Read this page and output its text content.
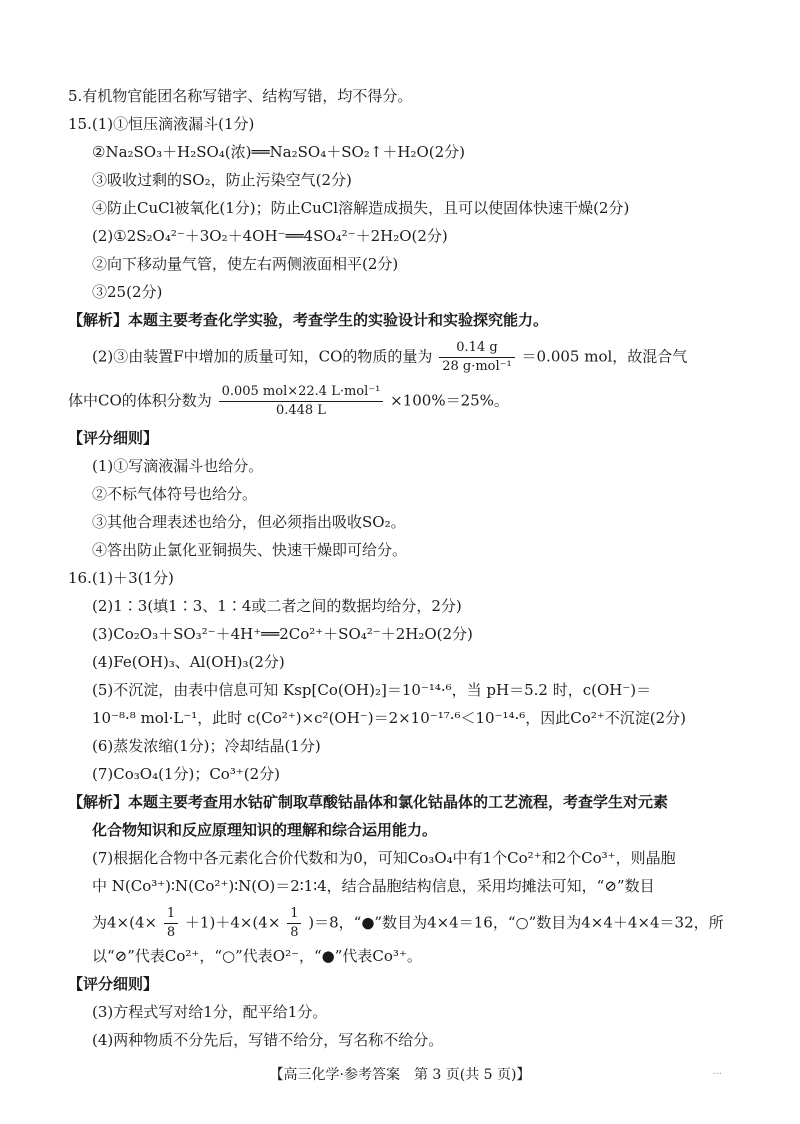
5.有机物官能团名称写错字、结构写错，均不得分。
15.(1)①恒压滴液漏斗(1分)
②Na₂SO₃＋H₂SO₄(浓)══Na₂SO₄＋SO₂↑＋H₂O(2分)
③吸收过剩的SO₂，防止污染空气(2分)
④防止CuCl被氧化(1分)；防止CuCl溶解造成损失，且可以使固体快速干燥(2分)
(2)①2S₂O₄²⁻＋3O₂＋4OH⁻══4SO₄²⁻＋2H₂O(2分)
②向下移动量气管，使左右两侧液面相平(2分)
③25(2分)
【解析】本题主要考查化学实验，考查学生的实验设计和实验探究能力。
(2)③由装置F中增加的质量可知，CO的物质的量为 $\frac{0.14 g}{\text{28 g·mol⁻¹}} =0.005$ mol，故混合气
体中CO的体积分数为 $\frac{\text{0.005 mol×22.4 L·mol⁻¹}}{0.448 L} \times 100\%=25\%$。
【评分细则】
(1)①写滴液漏斗也给分。
②不标气体符号也给分。
③其他合理表述也给分，但必须指出吸收SO₂。
④答出防止氯化亚铜损失、快速干燥即可给分。
16.(1)＋3(1分)
(2)1∶3(填1∶3、1∶4或二者之间的数据均给分，2分)
(3)Co₂O₃＋SO₃²⁻＋4H⁺══2Co²⁺＋SO₄²⁻＋2H₂O(2分)
(4)Fe(OH)₃、Al(OH)₃(2分)
(5)不沉淀，由表中信息可知 Ksp[Co(OH)₂]＝10⁻¹⁴·⁶，当 pH＝5.2 时，c(OH⁻)＝
10⁻⁸·⁸ mol·L⁻¹，此时 c(Co²⁺)×c²(OH⁻)＝2×10⁻¹⁷·⁶＜10⁻¹⁴·⁶，因此Co²⁺不沉淀(2分)
(6)蒸发浓缩(1分)；冷却结晶(1分)
(7)Co₃O₄(1分)；Co³⁺(2分)
【解析】本题主要考查用水钴矿制取草酸钴晶体和氯化钴晶体的工艺流程，考查学生对元素
化合物知识和反应原理知识的理解和综合运用能力。
(7)根据化合物中各元素化合价代数和为0，可知Co₃O₄中有1个Co²⁺和2个Co³⁺，则晶胞
中 N(Co³⁺)∶N(Co²⁺)∶N(O)＝2∶1∶4，结合晶胞结构信息，采用均摊法可知，“⊘”数目
为$4\times(4\times \frac{1}{8} +1)+4\times(4\times \frac{1}{8} )=8$，“●”数目为4×4＝16，“○”数目为4×4＋4×4＝32，所
以“⊘”代表Co²⁺，“○”代表O²⁻，“●”代表Co³⁺。
【评分细则】
(3)方程式写对给1分，配平给1分。
(4)两种物质不分先后，写错不给分，写名称不给分。
【高三化学·参考答案　第 3 页(共 5 页)】	...
